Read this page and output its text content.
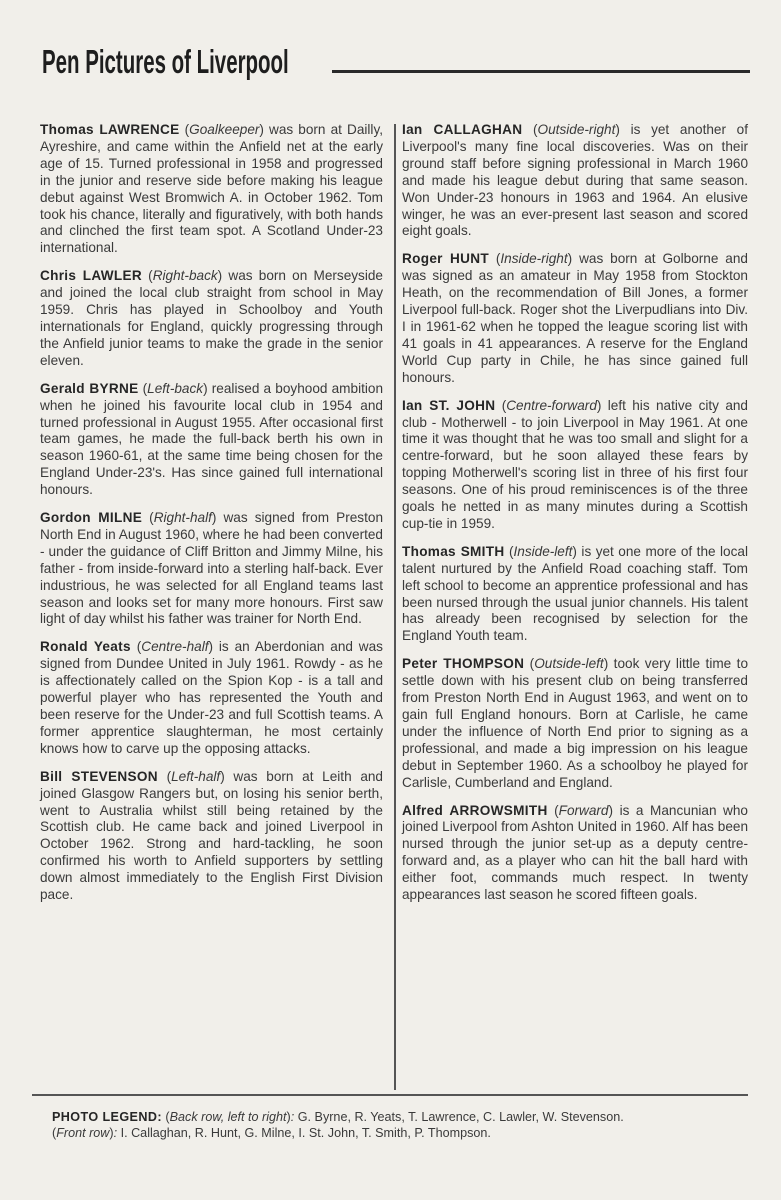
Pen Pictures of Liverpool

Thomas LAWRENCE (Goalkeeper) was born at Dailly, Ayreshire, and came within the Anfield net at the early age of 15. Turned professional in 1958 and progressed in the junior and reserve side before making his league debut against West Bromwich A. in October 1962. Tom took his chance, literally and figuratively, with both hands and clinched the first team spot. A Scotland Under-23 international.

Chris LAWLER (Right-back) was born on Merseyside and joined the local club straight from school in May 1959. Chris has played in Schoolboy and Youth internationals for England, quickly progressing through the Anfield junior teams to make the grade in the senior eleven.

Gerald BYRNE (Left-back) realised a boyhood ambition when he joined his favourite local club in 1954 and turned professional in August 1955. After occasional first team games, he made the full-back berth his own in season 1960-61, at the same time being chosen for the England Under-23's. Has since gained full international honours.

Gordon MILNE (Right-half) was signed from Preston North End in August 1960, where he had been converted - under the guidance of Cliff Britton and Jimmy Milne, his father - from inside-forward into a sterling half-back. Ever industrious, he was selected for all England teams last season and looks set for many more honours. First saw light of day whilst his father was trainer for North End.

Ronald Yeats (Centre-half) is an Aberdonian and was signed from Dundee United in July 1961. Rowdy - as he is affectionately called on the Spion Kop - is a tall and powerful player who has represented the Youth and been reserve for the Under-23 and full Scottish teams. A former apprentice slaughterman, he most certainly knows how to carve up the opposing attacks.

Bill STEVENSON (Left-half) was born at Leith and joined Glasgow Rangers but, on losing his senior berth, went to Australia whilst still being retained by the Scottish club. He came back and joined Liverpool in October 1962. Strong and hard-tackling, he soon confirmed his worth to Anfield supporters by settling down almost immediately to the English First Division pace.

Ian CALLAGHAN (Outside-right) is yet another of Liverpool's many fine local discoveries. Was on their ground staff before signing professional in March 1960 and made his league debut during that same season. Won Under-23 honours in 1963 and 1964. An elusive winger, he was an ever-present last season and scored eight goals.

Roger HUNT (Inside-right) was born at Golborne and was signed as an amateur in May 1958 from Stockton Heath, on the recommendation of Bill Jones, a former Liverpool full-back. Roger shot the Liverpudlians into Div. I in 1961-62 when he topped the league scoring list with 41 goals in 41 appearances. A reserve for the England World Cup party in Chile, he has since gained full honours.

Ian ST. JOHN (Centre-forward) left his native city and club - Motherwell - to join Liverpool in May 1961. At one time it was thought that he was too small and slight for a centre-forward, but he soon allayed these fears by topping Motherwell's scoring list in three of his first four seasons. One of his proud reminiscences is of the three goals he netted in as many minutes during a Scottish cup-tie in 1959.

Thomas SMITH (Inside-left) is yet one more of the local talent nurtured by the Anfield Road coaching staff. Tom left school to become an apprentice professional and has been nursed through the usual junior channels. His talent has already been recognised by selection for the England Youth team.

Peter THOMPSON (Outside-left) took very little time to settle down with his present club on being transferred from Preston North End in August 1963, and went on to gain full England honours. Born at Carlisle, he came under the influence of North End prior to signing as a professional, and made a big impression on his league debut in September 1960. As a schoolboy he played for Carlisle, Cumberland and England.

Alfred ARROWSMITH (Forward) is a Mancunian who joined Liverpool from Ashton United in 1960. Alf has been nursed through the junior set-up as a deputy centre-forward and, as a player who can hit the ball hard with either foot, commands much respect. In twenty appearances last season he scored fifteen goals.

PHOTO LEGEND: (Back row, left to right): G. Byrne, R. Yeats, T. Lawrence, C. Lawler, W. Stevenson.
(Front row): I. Callaghan, R. Hunt, G. Milne, I. St. John, T. Smith, P. Thompson.
